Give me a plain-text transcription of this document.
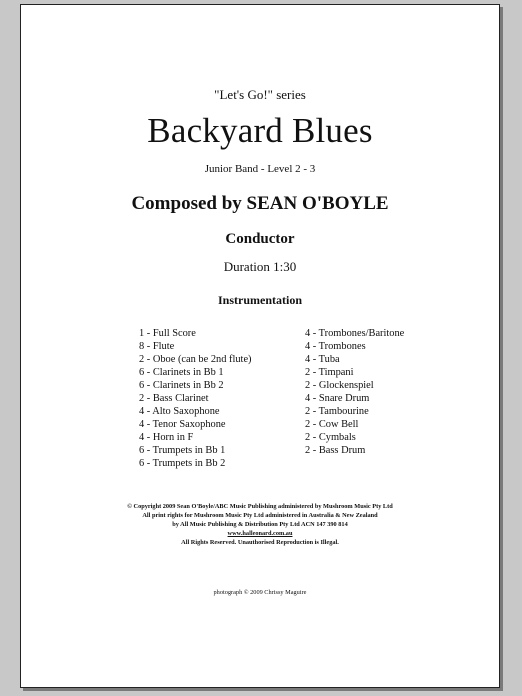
"Let's Go!" series
Backyard Blues
Junior Band - Level 2 - 3
Composed by SEAN O'BOYLE
Conductor
Duration 1:30
Instrumentation
1 - Full Score
8 - Flute
2 - Oboe (can be 2nd flute)
6 - Clarinets in Bb 1
6 - Clarinets in Bb 2
2 - Bass Clarinet
4 - Alto Saxophone
4 - Tenor Saxophone
4 - Horn in F
6 - Trumpets in Bb 1
6 - Trumpets in Bb 2
4 - Trombones/Baritone
4 - Trombones
4 - Tuba
2 - Timpani
2 - Glockenspiel
4 - Snare Drum
2 - Tambourine
2 - Cow Bell
2 - Cymbals
2 - Bass Drum
© Copyright 2009 Sean O'Boyle/ABC Music Publishing administered by Mushroom Music Pty Ltd
All print rights for Mushroom Music Pty Ltd administered in Australia & New Zealand
by All Music Publishing & Distribution Pty Ltd ACN 147 390 814
www.halleonard.com.au
All Rights Reserved. Unauthorised Reproduction is Illegal.
photograph © 2009 Chrissy Maguire
